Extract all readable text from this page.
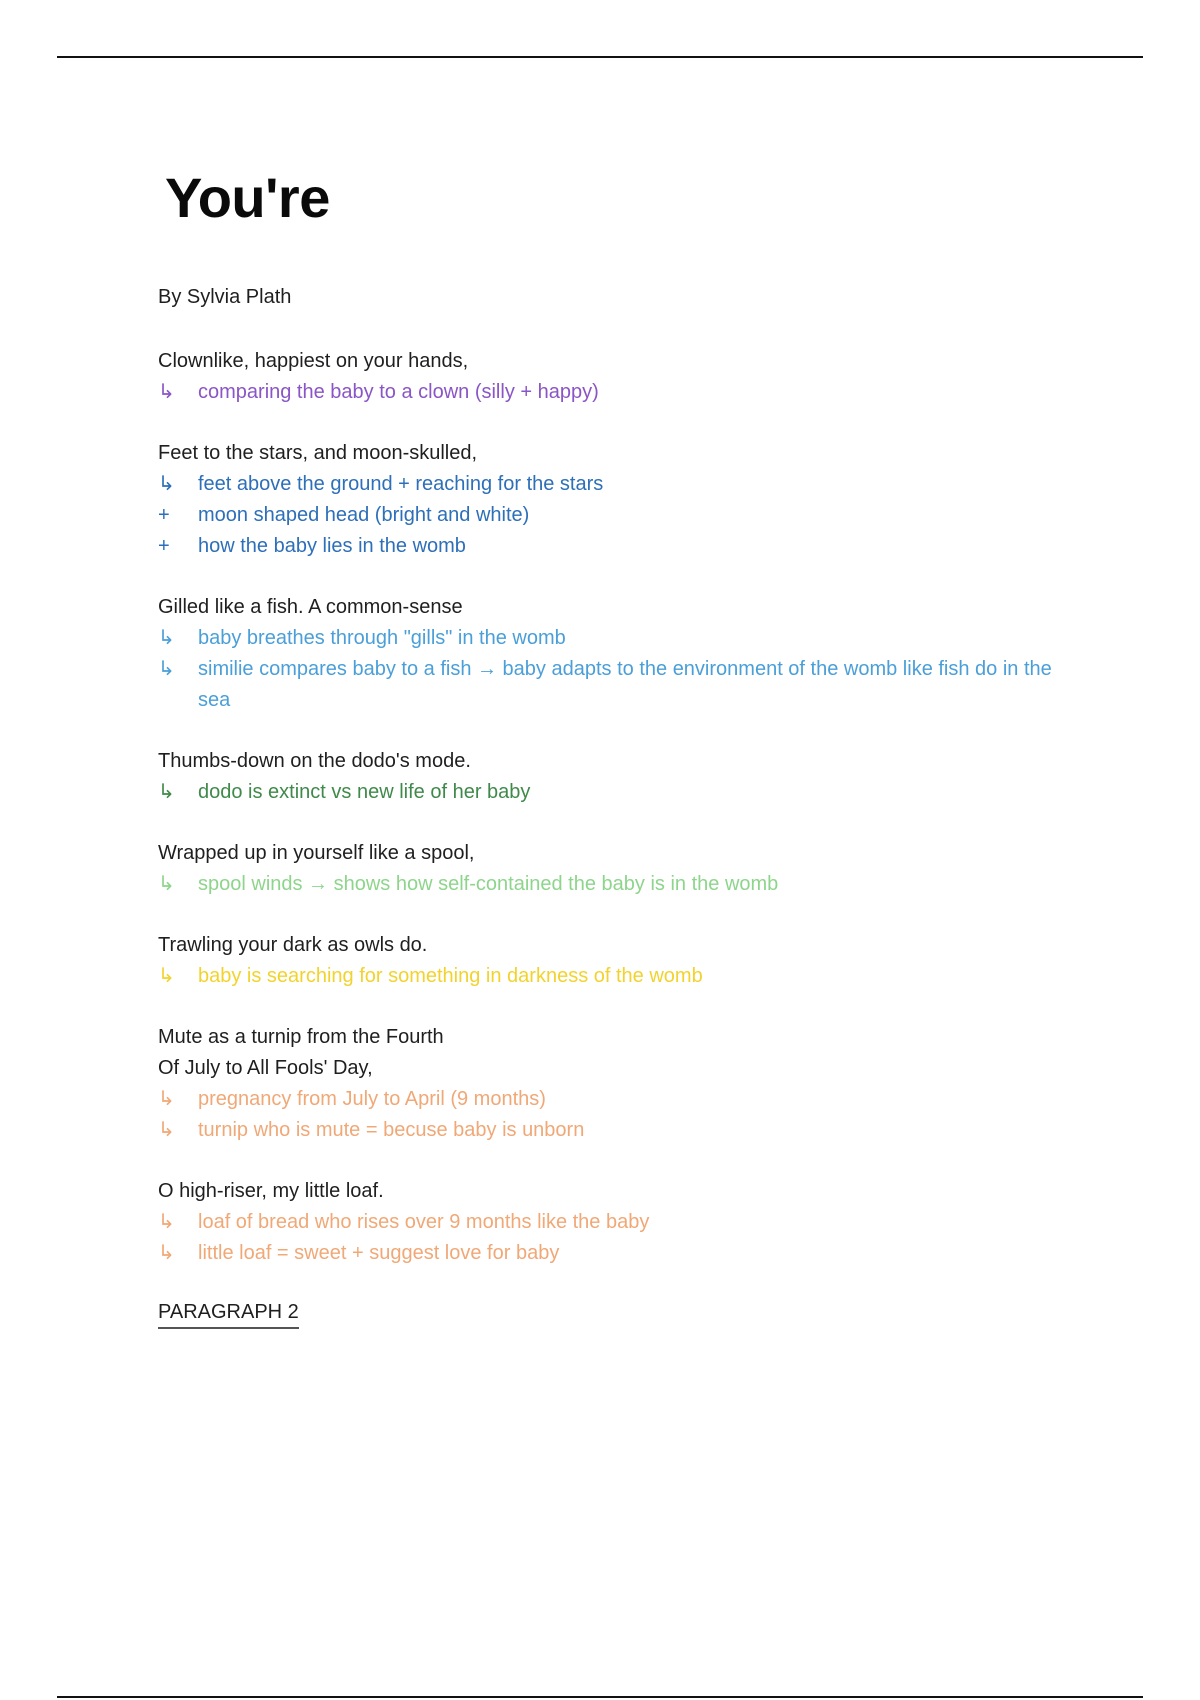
You're
By Sylvia Plath
Clownlike, happiest on your hands,
↳	comparing the baby to a clown (silly + happy)
Feet to the stars, and moon-skulled,
↳	feet above the ground + reaching for the stars
+	moon shaped head (bright and white)
+	how the baby lies in the womb
Gilled like a fish. A common-sense
↳	baby breathes through "gills" in the womb
↳	similie compares baby to a fish → baby adapts to the environment of the womb like fish do in the sea
Thumbs-down on the dodo's mode.
↳	dodo is extinct vs new life of her baby
Wrapped up in yourself like a spool,
↳	spool winds → shows how self-contained the baby is in the womb
Trawling your dark as owls do.
↳	baby is searching for something in darkness of the womb
Mute as a turnip from the Fourth
Of July to All Fools' Day,
↳	pregnancy from July to April (9 months)
↳	turnip who is mute = becuse baby is unborn
O high-riser, my little loaf.
↳	loaf of bread who rises over 9 months like the baby
↳	little loaf = sweet + suggest love for baby
PARAGRAPH 2
